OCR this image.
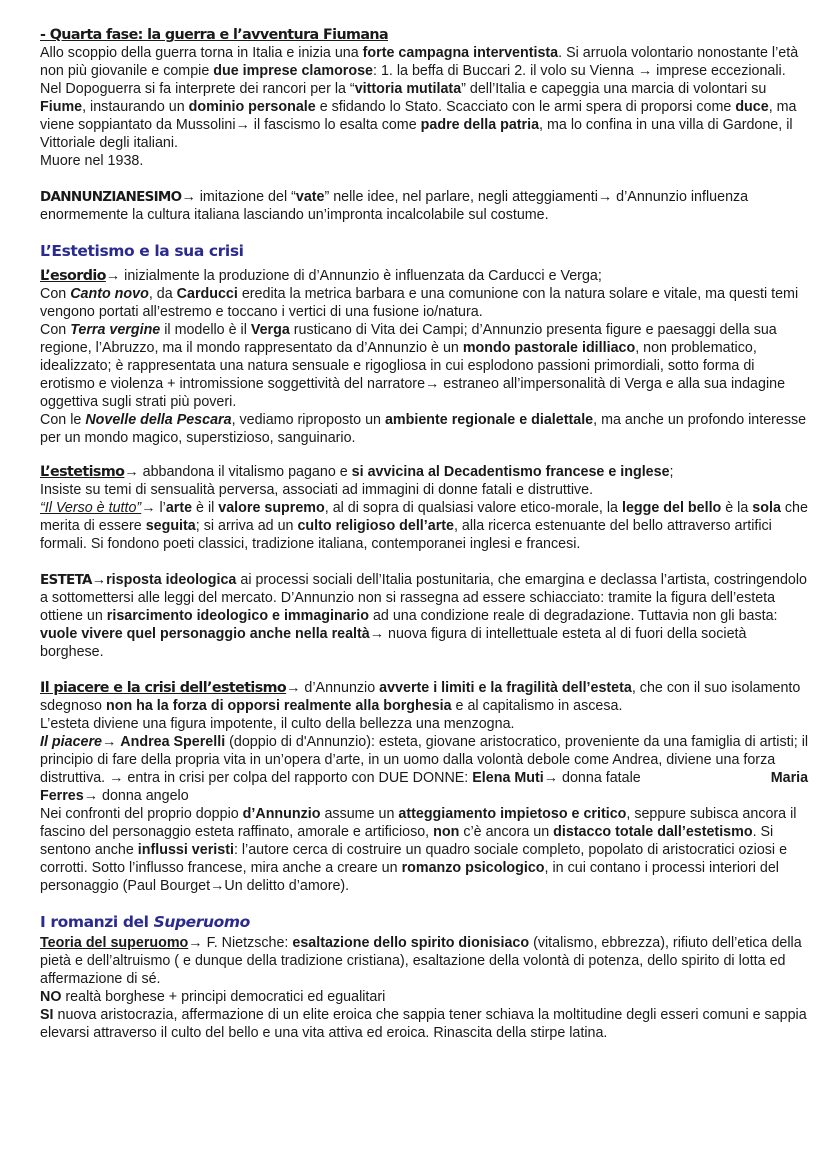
- Quarta fase: la guerra e l’avventura Fiumana

Allo scoppio della guerra torna in Italia e inizia una forte campagna interventista. Si arruola volontario nonostante l’età non più giovanile e compie due imprese clamorose: 1. la beffa di Buccari 2. il volo su Vienna → imprese eccezionali.

Nel Dopoguerra si fa interprete dei rancori per la “vittoria mutilata” dell’Italia e capeggia una marcia di volontari su Fiume, instaurando un dominio personale e sfidando lo Stato. Scacciato con le armi spera di proporsi come duce, ma viene soppiantato da Mussolini→ il fascismo lo esalta come padre della patria, ma lo confina in una villa di Gardone, il Vittoriale degli italiani.

Muore nel 1938.

DANNUNZIANESIMO→ imitazione del “vate” nelle idee, nel parlare, negli atteggiamenti→ d’Annunzio influenza enormemente la cultura italiana lasciando un’impronta incalcolabile sul costume.

L’Estetismo e la sua crisi

L’esordio→ inizialmente la produzione di d’Annunzio è influenzata da Carducci e Verga;

Con Canto novo, da Carducci eredita la metrica barbara e una comunione con la natura solare e vitale, ma questi temi vengono portati all’estremo e toccano i vertici di una fusione io/natura.

Con Terra vergine il modello è il Verga rusticano di Vita dei Campi; d’Annunzio presenta figure e paesaggi della sua regione, l’Abruzzo, ma il mondo rappresentato da d’Annunzio è un mondo pastorale idilliaco, non problematico, idealizzato; è rappresentata una natura sensuale e rigogliosa in cui esplodono passioni primordiali, sotto forma di erotismo e violenza + intromissione soggettività del narratore→ estraneo all’impersonalità di Verga e alla sua indagine oggettiva sugli strati più poveri.

Con le Novelle della Pescara, vediamo riproposto un ambiente regionale e dialettale, ma anche un profondo interesse per un mondo magico, superstizioso, sanguinario.

L’estetismo→ abbandona il vitalismo pagano e si avvicina al Decadentismo francese e inglese;

Insiste su temi di sensualità perversa, associati ad immagini di donne fatali e distruttive.

“Il Verso è tutto”→ l’arte è il valore supremo, al di sopra di qualsiasi valore etico-morale, la legge del bello è la sola che merita di essere seguita; si arriva ad un culto religioso dell’arte, alla ricerca estenuante del bello attraverso artifici formali. Si fondono poeti classici, tradizione italiana, contemporanei inglesi e francesi.

ESTETA→risposta ideologica ai processi sociali dell’Italia postunitaria, che emargina e declassa l’artista, costringendolo a sottomettersi alle leggi del mercato. D’Annunzio non si rassegna ad essere schiacciato: tramite la figura dell’esteta ottiene un risarcimento ideologico e immaginario ad una condizione reale di degradazione. Tuttavia non gli basta: vuole vivere quel personaggio anche nella realtà→ nuova figura di intellettuale esteta al di fuori della società borghese.

Il piacere e la crisi dell’estetismo→ d’Annunzio avverte i limiti e la fragilità dell’esteta, che con il suo isolamento sdegnoso non ha la forza di opporsi realmente alla borghesia e al capitalismo in ascesa.

L’esteta diviene una figura impotente, il culto della bellezza una menzogna.

Il piacere→ Andrea Sperelli (doppio di d'Annunzio): esteta, giovane aristocratico, proveniente da una famiglia di artisti; il principio di fare della propria vita in un’opera d’arte, in un uomo dalla volontà debole come Andrea, diviene una forza distruttiva. → entra in crisi per colpa del rapporto con DUE DONNE: Elena Muti→ donna fatale	Maria Ferres→ donna angelo

Nei confronti del proprio doppio d’Annunzio assume un atteggiamento impietoso e critico, seppure subisca ancora il fascino del personaggio esteta raffinato, amorale e artificioso, non c’è ancora un distacco totale dall’estetismo. Si sentono anche influssi veristi: l’autore cerca di costruire un quadro sociale completo, popolato di aristocratici oziosi e corrotti. Sotto l’influsso francese, mira anche a creare un romanzo psicologico, in cui contano i processi interiori del personaggio (Paul Bourget→Un delitto d’amore).

I romanzi del Superuomo

Teoria del superuomo→ F. Nietzsche: esaltazione dello spirito dionisiaco (vitalismo, ebbrezza), rifiuto dell’etica della pietà e dell’altruismo ( e dunque della tradizione cristiana), esaltazione della volontà di potenza, dello spirito di lotta ed affermazione di sé.

NO realtà borghese + principi democratici ed egualitari

SI nuova aristocrazia, affermazione di un elite eroica che sappia tener schiava la moltitudine degli esseri comuni e sappia elevarsi attraverso il culto del bello e una vita attiva ed eroica. Rinascita della stirpe latina.
